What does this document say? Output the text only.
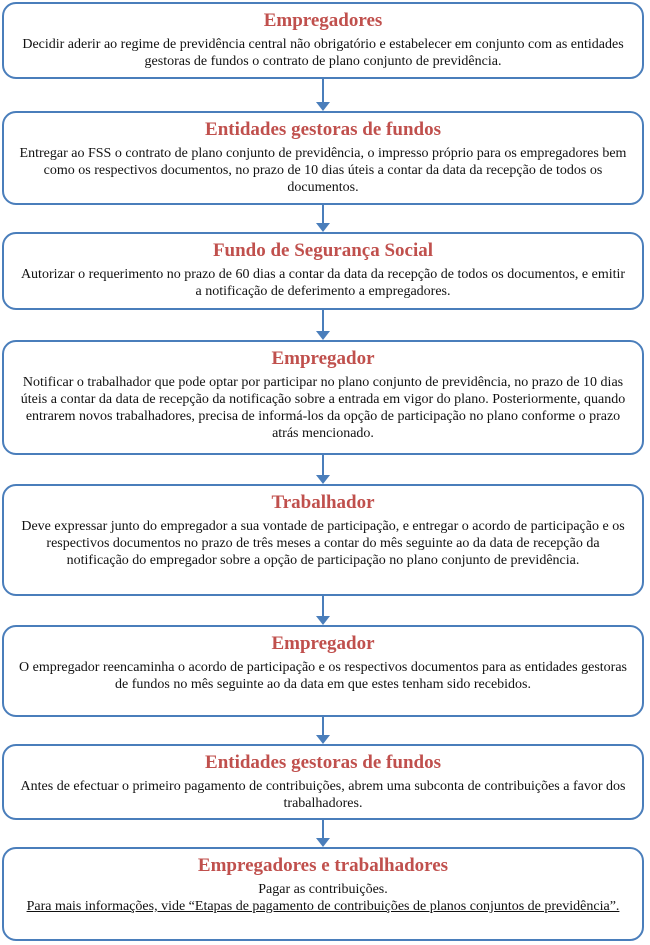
Empregadores
Decidir aderir ao regime de previdência central não obrigatório e estabelecer em conjunto com as entidades gestoras de fundos o contrato de plano conjunto de previdência.
Entidades gestoras de fundos
Entregar ao FSS o contrato de plano conjunto de previdência, o impresso próprio para os empregadores bem como os respectivos documentos, no prazo de 10 dias úteis a contar da data da recepção de todos os documentos.
Fundo de Segurança Social
Autorizar o requerimento no prazo de 60 dias a contar da data da recepção de todos os documentos, e emitir a notificação de deferimento a empregadores.
Empregador
Notificar o trabalhador que pode optar por participar no plano conjunto de previdência, no prazo de 10 dias úteis a contar da data de recepção da notificação sobre a entrada em vigor do plano. Posteriormente, quando entrarem novos trabalhadores, precisa de informá-los da opção de participação no plano conforme o prazo atrás mencionado.
Trabalhador
Deve expressar junto do empregador a sua vontade de participação, e entregar o acordo de participação e os respectivos documentos no prazo de três meses a contar do mês seguinte ao da data de recepção da notificação do empregador sobre a opção de participação no plano conjunto de previdência.
Empregador
O empregador reencaminha o acordo de participação e os respectivos documentos para as entidades gestoras de fundos no mês seguinte ao da data em que estes tenham sido recebidos.
Entidades gestoras de fundos
Antes de efectuar o primeiro pagamento de contribuições, abrem uma subconta de contribuições a favor dos trabalhadores.
Empregadores e trabalhadores
Pagar as contribuições.
Para mais informações, vide “Etapas de pagamento de contribuições de planos conjuntos de previdência”.
